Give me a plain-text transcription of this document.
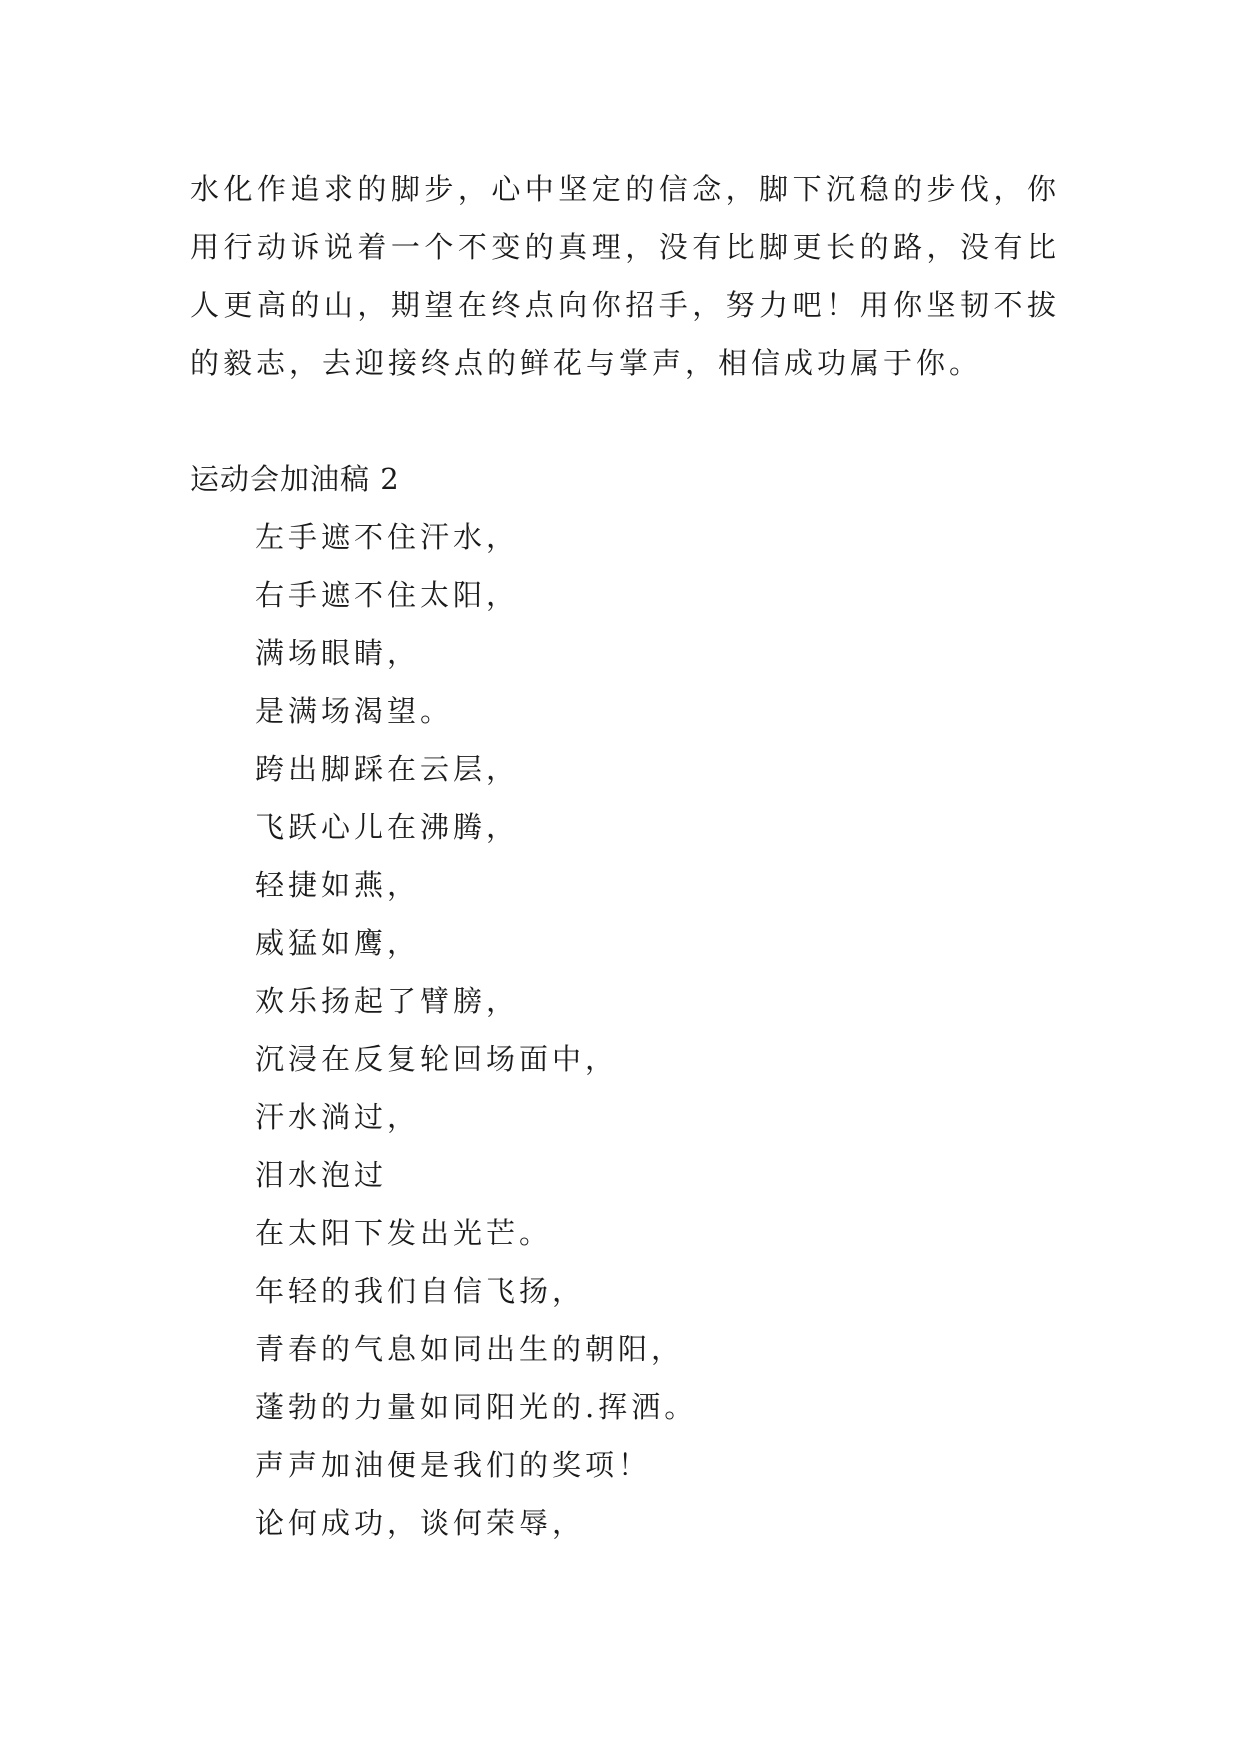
水化作追求的脚步，心中坚定的信念，脚下沉稳的步伐，你用行动诉说着一个不变的真理，没有比脚更长的路，没有比人更高的山，期望在终点向你招手，努力吧！用你坚韧不拔的毅志，去迎接终点的鲜花与掌声，相信成功属于你。

运动会加油稿 2
左手遮不住汗水，
右手遮不住太阳，
满场眼睛，
是满场渴望。
跨出脚踩在云层，
飞跃心儿在沸腾，
轻捷如燕，
威猛如鹰，
欢乐扬起了臂膀，
沉浸在反复轮回场面中，
汗水淌过，
泪水泡过
在太阳下发出光芒。
年轻的我们自信飞扬，
青春的气息如同出生的朝阳，
蓬勃的力量如同阳光的.挥洒。
声声加油便是我们的奖项！
论何成功，谈何荣辱，
